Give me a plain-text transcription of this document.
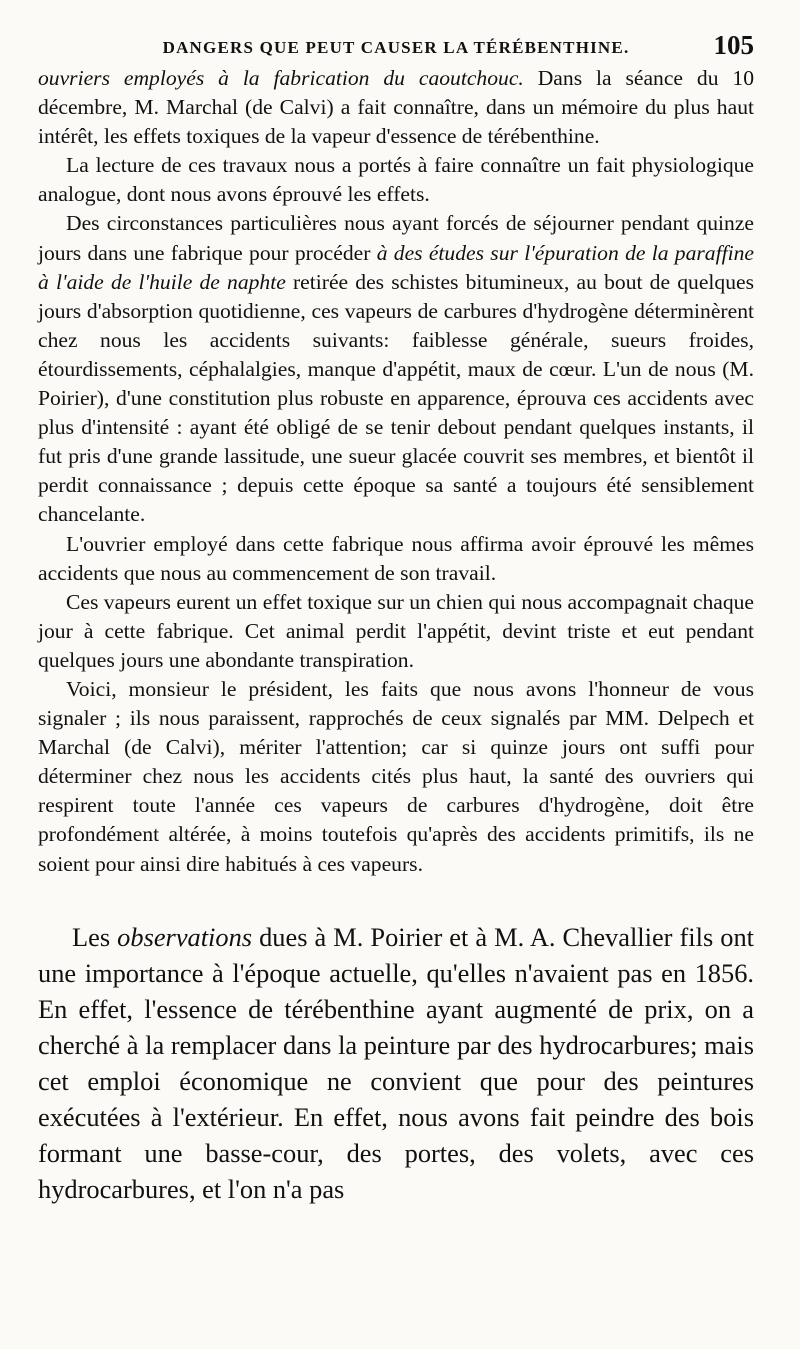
DANGERS QUE PEUT CAUSER LA TÉRÉBENTHINE.	105

ouvriers employés à la fabrication du caoutchouc. Dans la séance du 10 décembre, M. Marchal (de Calvi) a fait connaître, dans un mémoire du plus haut intérêt, les effets toxiques de la vapeur d'essence de térébenthine.

La lecture de ces travaux nous a portés à faire connaître un fait physiologique analogue, dont nous avons éprouvé les effets.

Des circonstances particulières nous ayant forcés de séjourner pendant quinze jours dans une fabrique pour procéder à des études sur l'épuration de la paraffine à l'aide de l'huile de naphte retirée des schistes bitumineux, au bout de quelques jours d'absorption quotidienne, ces vapeurs de carbures d'hydrogène déterminèrent chez nous les accidents suivants: faiblesse générale, sueurs froides, étourdissements, céphalalgies, manque d'appétit, maux de cœur. L'un de nous (M. Poirier), d'une constitution plus robuste en apparence, éprouva ces accidents avec plus d'intensité : ayant été obligé de se tenir debout pendant quelques instants, il fut pris d'une grande lassitude, une sueur glacée couvrit ses membres, et bientôt il perdit connaissance ; depuis cette époque sa santé a toujours été sensiblement chancelante.

L'ouvrier employé dans cette fabrique nous affirma avoir éprouvé les mêmes accidents que nous au commencement de son travail.

Ces vapeurs eurent un effet toxique sur un chien qui nous accompagnait chaque jour à cette fabrique. Cet animal perdit l'appétit, devint triste et eut pendant quelques jours une abondante transpiration.

Voici, monsieur le président, les faits que nous avons l'honneur de vous signaler ; ils nous paraissent, rapprochés de ceux signalés par MM. Delpech et Marchal (de Calvi), mériter l'attention; car si quinze jours ont suffi pour déterminer chez nous les accidents cités plus haut, la santé des ouvriers qui respirent toute l'année ces vapeurs de carbures d'hydrogène, doit être profondément altérée, à moins toutefois qu'après des accidents primitifs, ils ne soient pour ainsi dire habitués à ces vapeurs.

Les observations dues à M. Poirier et à M. A. Chevallier fils ont une importance à l'époque actuelle, qu'elles n'avaient pas en 1856. En effet, l'essence de térébenthine ayant augmenté de prix, on a cherché à la remplacer dans la peinture par des hydrocarbures; mais cet emploi économique ne convient que pour des peintures exécutées à l'extérieur. En effet, nous avons fait peindre des bois formant une basse-cour, des portes, des volets, avec ces hydrocarbures, et l'on n'a pas
